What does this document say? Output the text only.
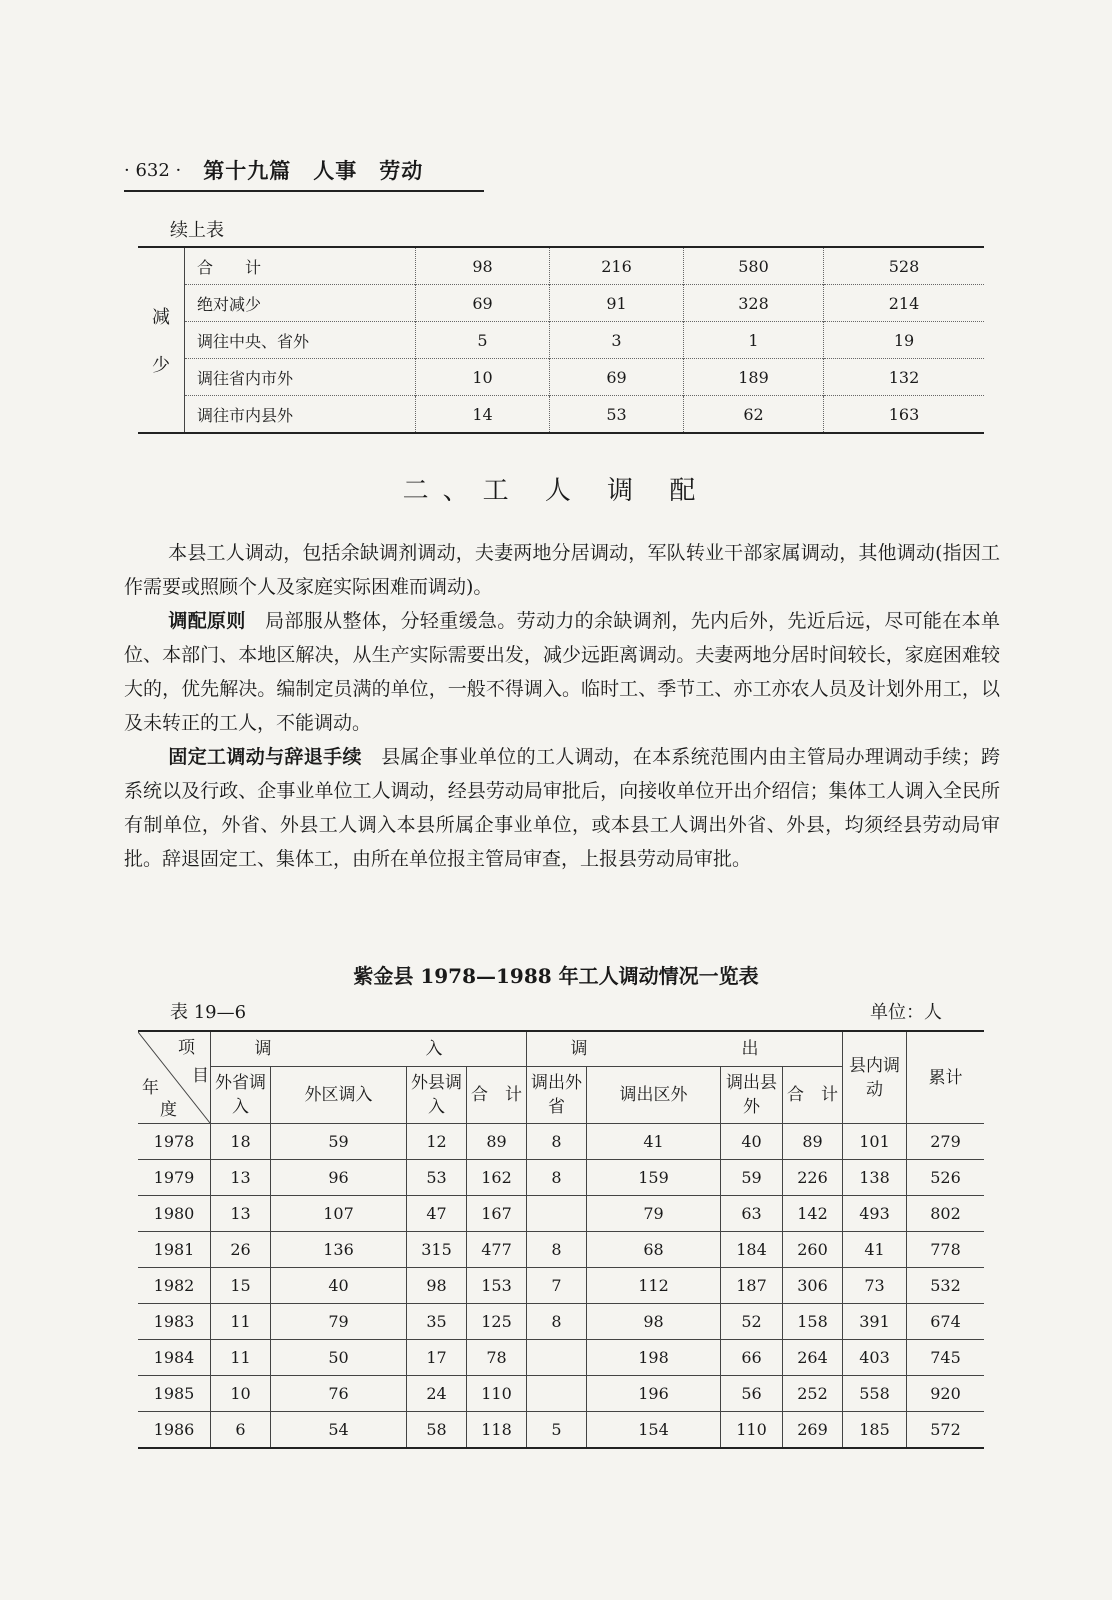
· 632 · 第十九篇　人事　劳动
续上表
减
少	合　　计	98	216	580	528
	绝对减少	69	91	328	214
	调往中央、省外	5	3	1	19
	调往省内市外	10	69	189	132
	调往市内县外	14	53	62	163
二、工 人 调 配

本县工人调动，包括余缺调剂调动，夫妻两地分居调动，军队转业干部家属调动，其他调动(指因工作需要或照顾个人及家庭实际困难而调动)。

调配原则　局部服从整体，分轻重缓急。劳动力的余缺调剂，先内后外，先近后远，尽可能在本单位、本部门、本地区解决，从生产实际需要出发，减少远距离调动。夫妻两地分居时间较长，家庭困难较大的，优先解决。编制定员满的单位，一般不得调入。临时工、季节工、亦工亦农人员及计划外用工，以及未转正的工人，不能调动。

固定工调动与辞退手续　县属企事业单位的工人调动，在本系统范围内由主管局办理调动手续；跨系统以及行政、企事业单位工人调动，经县劳动局审批后，向接收单位开出介绍信；集体工人调入全民所有制单位，外省、外县工人调入本县所属企事业单位，或本县工人调出外省、外县，均须经县劳动局审批。辞退固定工、集体工，由所在单位报主管局审查，上报县劳动局审批。

紫金县 1978—1988 年工人调动情况一览表
表 19—6	单位：人
项
目
年
度	调　　入				调　　出				县内调动	累计
	外省调入	外区调入	外县调入	合　计	调出外省	调出区外	调出县外	合　计		
1978	18	59	12	89	8	41	40	89	101	279
1979	13	96	53	162	8	159	59	226	138	526
1980	13	107	47	167		79	63	142	493	802
1981	26	136	315	477	8	68	184	260	41	778
1982	15	40	98	153	7	112	187	306	73	532
1983	11	79	35	125	8	98	52	158	391	674
1984	11	50	17	78		198	66	264	403	745
1985	10	76	24	110		196	56	252	558	920
1986	6	54	58	118	5	154	110	269	185	572
